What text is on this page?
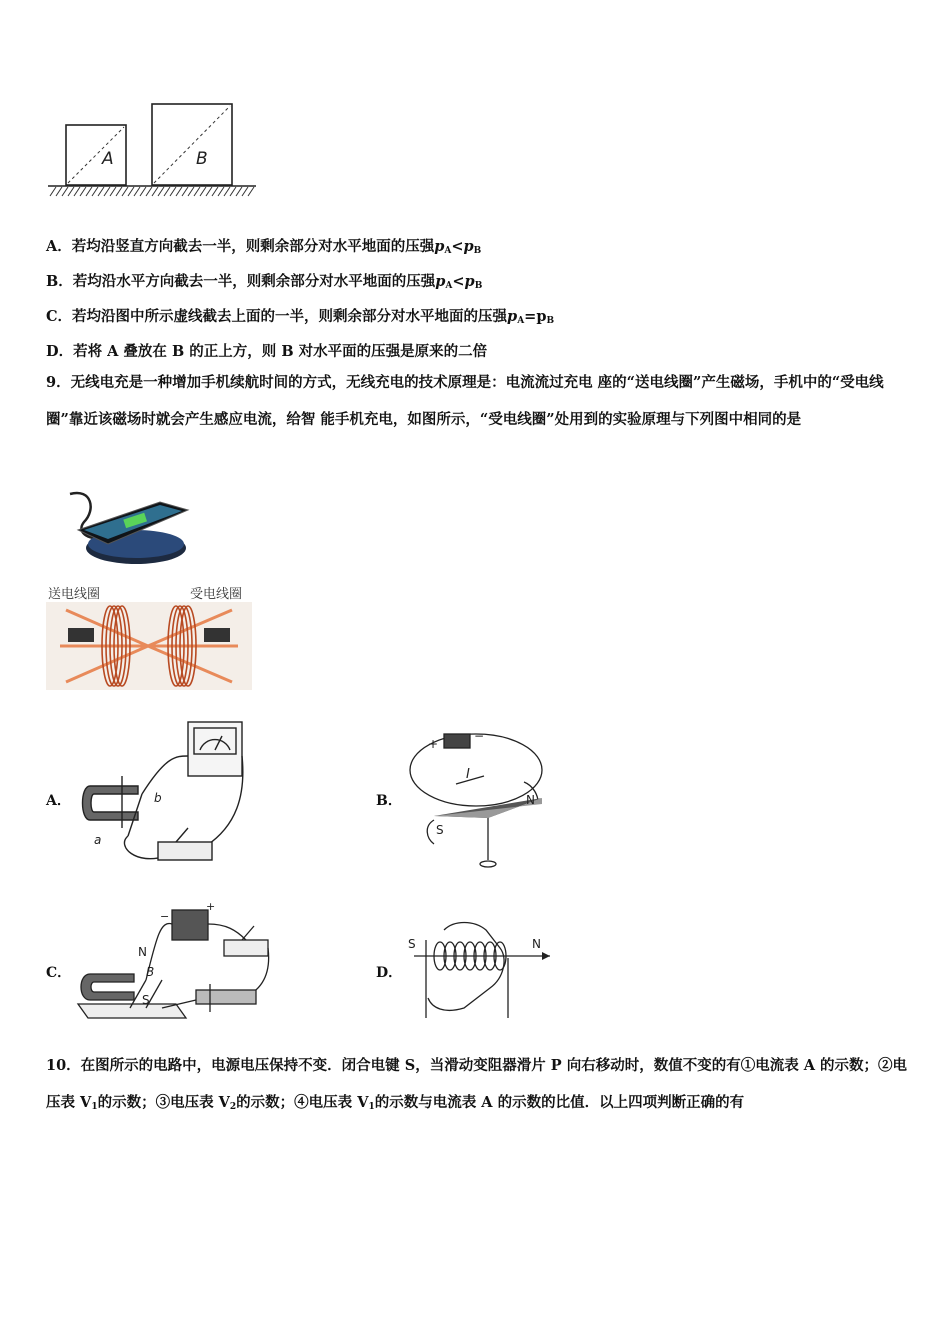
A	B
A．若均沿竖直方向截去一半，则剩余部分对水平地面的压强$p_A<p_B$
B．若均沿水平方向截去一半，则剩余部分对水平地面的压强$p_A<p_B$
C．若均沿图中所示虚线截去上面的一半，则剩余部分对水平地面的压强$p_A=p_B$
D．若将 A 叠放在 B 的正上方，则 B 对水平面的压强是原来的二倍
9．无线电充是一种增加手机续航时间的方式，无线充电的技术原理是：电流流过充电 座的“送电线圈”产生磁场，手机中的“受电线圈”靠近该磁场时就会产生感应电流，给智 能手机充电，如图所示，“受电线圈”处用到的实验原理与下列图中相同的是
送电线圈	受电线圈
A．	B．
C．	D．
a
b
+
−
I
N
S
N
B
S
+
−
S	N
10．在图所示的电路中，电源电压保持不变．闭合电键 S，当滑动变阻器滑片 P 向右移动时，数值不变的有①电流表 A 的示数；②电压表 $V_1$的示数；③电压表 $V_2$的示数；④电压表 $V_1$的示数与电流表 A 的示数的比值．以上四项判断正确的有
